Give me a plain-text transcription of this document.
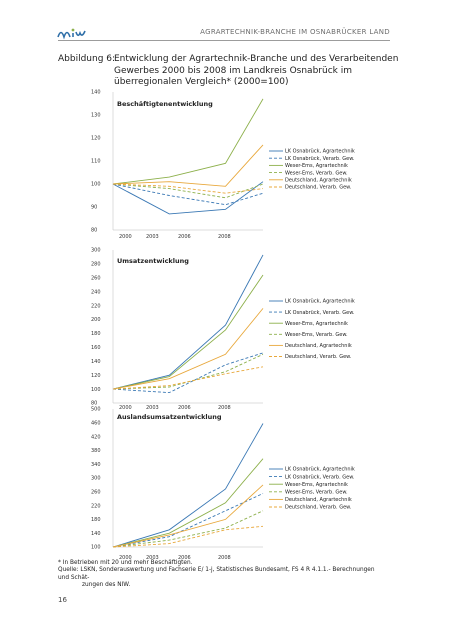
AGRARTECHNIK-BRANCHE IM OSNABRÜCKER LAND
Abbildung 6:
Entwicklung der Agrartechnik-Branche und des Verarbeitenden Gewerbes 2000 bis 2008 im Landkreis Osnabrück im überregionalen Vergleich* (2000=100)
80
90
100
110
120
130
140
2000	2003	2006	2008
Beschäftigtenentwicklung
LK Osnabrück, Agrartechnik
LK Osnabrück, Verarb. Gew.
Weser-Ems, Agrartechnik
Weser-Ems, Verarb. Gew.
Deutschland, Agrartechnik
Deutschland, Verarb. Gew.
80
100
120
140
160
180
200
220
240
260
280
300
2000	2003	2006	2008
Umsatzentwicklung
LK Osnabrück, Agrartechnik
LK Osnabrück, Verarb. Gew.
Weser-Ems, Agrartechnik
Weser-Ems, Verarb. Gew.
Deutschland, Agrartechnik
Deutschland, Verarb. Gew.
100
140
180
220
260
300
340
380
420
460
500
2000	2003	2006	2008
Auslandsumsatzentwicklung
LK Osnabrück, Agrartechnik
LK Osnabrück, Verarb. Gew.
Weser-Ems, Agrartechnik
Weser-Ems, Verarb. Gew.
Deutschland, Agrartechnik
Deutschland, Verarb. Gew.
* In Betrieben mit 20 und mehr Beschäftigten.
Quelle: LSKN, Sonderauswertung und Fachserie E/ 1-j, Statistisches Bundesamt, FS 4 R 4.1.1.- Berechnungen und Schät-
zungen des NIW.
16
